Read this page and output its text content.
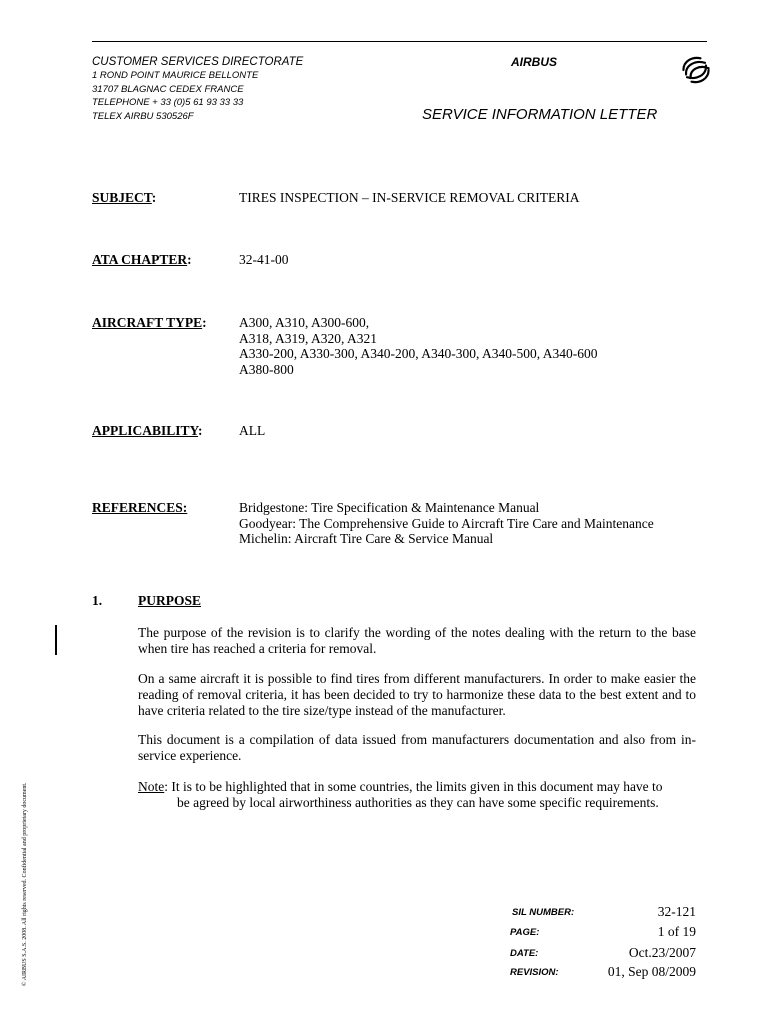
CUSTOMER SERVICES DIRECTORATE
1 ROND POINT MAURICE BELLONTE
31707 BLAGNAC CEDEX FRANCE
TELEPHONE + 33 (0)5 61 93 33 33
TELEX AIRBU 530526F
AIRBUS
SERVICE INFORMATION LETTER
SUBJECT:	TIRES INSPECTION – IN-SERVICE REMOVAL CRITERIA
ATA CHAPTER:	32-41-00
AIRCRAFT TYPE: A300, A310, A300-600,
A318, A319, A320, A321
A330-200, A330-300, A340-200, A340-300, A340-500, A340-600
A380-800
APPLICABILITY:	ALL
REFERENCES:	Bridgestone: Tire Specification & Maintenance Manual
Goodyear: The Comprehensive Guide to Aircraft Tire Care and Maintenance
Michelin: Aircraft Tire Care & Service Manual
1.	PURPOSE

The purpose of the revision is to clarify the wording of the notes dealing with the return to the base when tire has reached a criteria for removal.

On a same aircraft it is possible to find tires from different manufacturers. In order to make easier the reading of removal criteria, it has been decided to try to harmonize these data to the best extent and to have criteria related to the tire size/type instead of the manufacturer.

This document is a compilation of data issued from manufacturers documentation and also from in-service experience.

Note: It is to be highlighted that in some countries, the limits given in this document may have to
be agreed by local airworthiness authorities as they can have some specific requirements.
© AIRBUS S.A.S. 2008. All rights reserved. Confidential and proprietary document.	SIL NUMBER:	32-121
PAGE:	1 of 19
DATE:	Oct.23/2007
REVISION:	01, Sep 08/2009
